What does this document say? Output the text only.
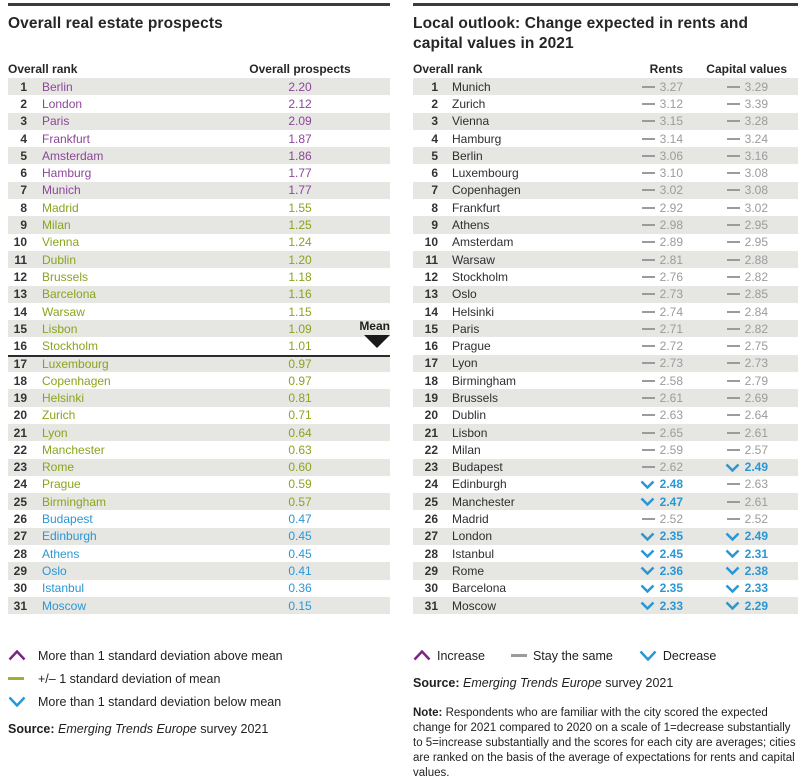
Overall real estate prospects
Overall rank	Overall prospects
Mean
1 Berlin	2.20
2 London	2.12
3 Paris	2.09
4 Frankfurt	1.87
5 Amsterdam	1.86
6 Hamburg	1.77
7 Munich	1.77
8 Madrid	1.55
9 Milan	1.25
10 Vienna	1.24
11 Dublin	1.20
12 Brussels	1.18
13 Barcelona	1.16
14 Warsaw	1.15
15 Lisbon	1.09
16 Stockholm	1.01
17 Luxembourg	0.97
18 Copenhagen	0.97
19 Helsinki	0.81
20 Zurich	0.71
21 Lyon	0.64
22 Manchester	0.63
23 Rome	0.60
24 Prague	0.59
25 Birmingham	0.57
26 Budapest	0.47
27 Edinburgh	0.45
28 Athens	0.45
29 Oslo	0.41
30 Istanbul	0.36
31 Moscow	0.15
More than 1 standard deviation above mean
+/– 1 standard deviation of mean
More than 1 standard deviation below mean

Source: Emerging Trends Europe survey 2021

Local outlook: Change expected in rents and capital values in 2021
Overall rank	Rents	Capital values
1 Munich	3.27	3.29
2 Zurich	3.12	3.39
3 Vienna	3.15	3.28
4 Hamburg	3.14	3.24
5 Berlin	3.06	3.16
6 Luxembourg	3.10	3.08
7 Copenhagen	3.02	3.08
8 Frankfurt	2.92	3.02
9 Athens	2.98	2.95
10 Amsterdam	2.89	2.95
11 Warsaw	2.81	2.88
12 Stockholm	2.76	2.82
13 Oslo	2.73	2.85
14 Helsinki	2.74	2.84
15 Paris	2.71	2.82
16 Prague	2.72	2.75
17 Lyon	2.73	2.73
18 Birmingham	2.58	2.79
19 Brussels	2.61	2.69
20 Dublin	2.63	2.64
21 Lisbon	2.65	2.61
22 Milan	2.59	2.57
23 Budapest	2.62	2.49
24 Edinburgh	2.48	2.63
25 Manchester	2.47	2.61
26 Madrid	2.52	2.52
27 London	2.35	2.49
28 Istanbul	2.45	2.31
29 Rome	2.36	2.38
30 Barcelona	2.35	2.33
31 Moscow	2.33	2.29
Increase	Stay the same	Decrease

Source: Emerging Trends Europe survey 2021

Note: Respondents who are familiar with the city scored the expected change for 2021 compared to 2020 on a scale of 1=decrease substantially to 5=increase substantially and the scores for each city are averages; cities are ranked on the basis of the average of expectations for rents and capital values.
